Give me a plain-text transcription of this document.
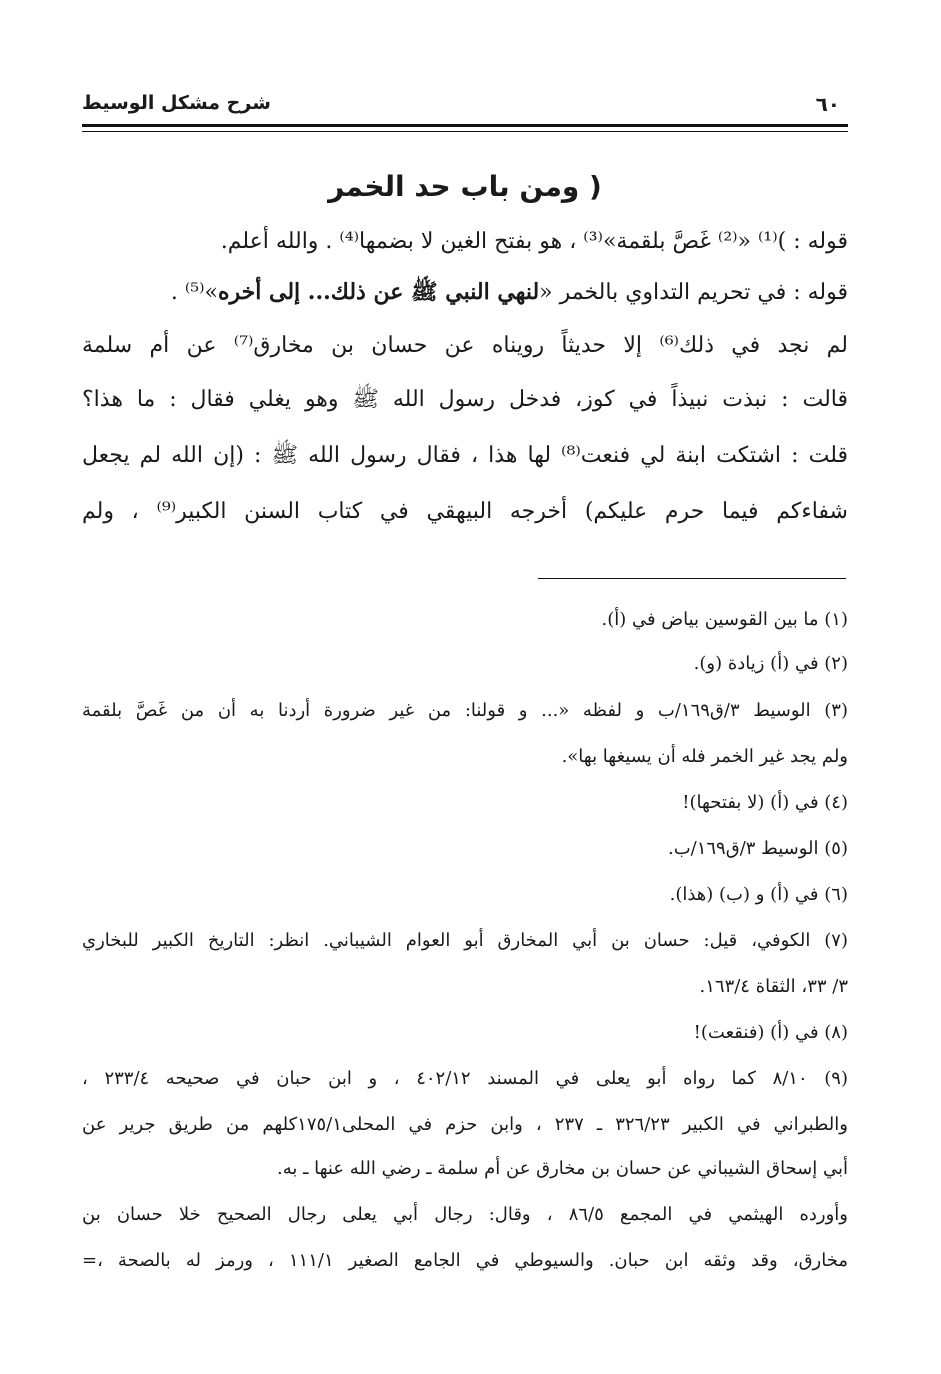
شرح مشكل الوسيط	٦٠
( ومن باب حد الخمر
قوله : )⁽¹⁾ «⁽²⁾ غَصَّ بلقمة»⁽³⁾ ، هو بفتح الغين لا بضمها⁽⁴⁾ . والله أعلم.
قوله : في تحريم التداوي بالخمر «لنهي النبي ﷺ عن ذلك... إلى أخره»⁽⁵⁾ .
لم نجد في ذلك⁽⁶⁾ إلا حديثاً رويناه عن حسان بن مخارق⁽⁷⁾ عن أم سلمة
قالت : نبذت نبيذاً في كوز، فدخل رسول الله ﷺ وهو يغلي فقال : ما هذا؟
قلت : اشتكت ابنة لي فنعت⁽⁸⁾ لها هذا ، فقال رسول الله ﷺ : (إن الله لم يجعل
شفاءكم فيما حرم عليكم) أخرجه البيهقي في كتاب السنن الكبير⁽⁹⁾ ، ولم
(١) ما بين القوسين بياض في (أ).
(٢) في (أ) زيادة (و).
(٣) الوسيط ٣/ق١٦٩/ب و لفظه «... و قولنا: من غير ضرورة أردنا به أن من غَصَّ بلقمة
ولم يجد غير الخمر فله أن يسيغها بها».
(٤) في (أ) (لا بفتحها)!
(٥) الوسيط ٣/ق١٦٩/ب.
(٦) في (أ) و (ب) (هذا).
(٧) الكوفي، قيل: حسان بن أبي المخارق أبو العوام الشيباني. انظر: التاريخ الكبير للبخاري
٣/ ٣٣، الثقاة ١٦٣/٤.
(٨) في (أ) (فنقعت)!
(٩) ٨/١٠ كما رواه أبو يعلى في المسند ٤٠٢/١٢ ، و ابن حبان في صحيحه ٢٣٣/٤ ،
والطبراني في الكبير ٣٢٦/٢٣ ـ ٢٣٧ ، وابن حزم في المحلى١٧٥/١كلهم من طريق جرير عن
أبي إسحاق الشيباني عن حسان بن مخارق عن أم سلمة ـ رضي الله عنها ـ به.
وأورده الهيثمي في المجمع ٨٦/٥ ، وقال: رجال أبي يعلى رجال الصحيح خلا حسان بن
مخارق، وقد وثقه ابن حبان. والسيوطي في الجامع الصغير ١١١/١ ، ورمز له بالصحة ،=
